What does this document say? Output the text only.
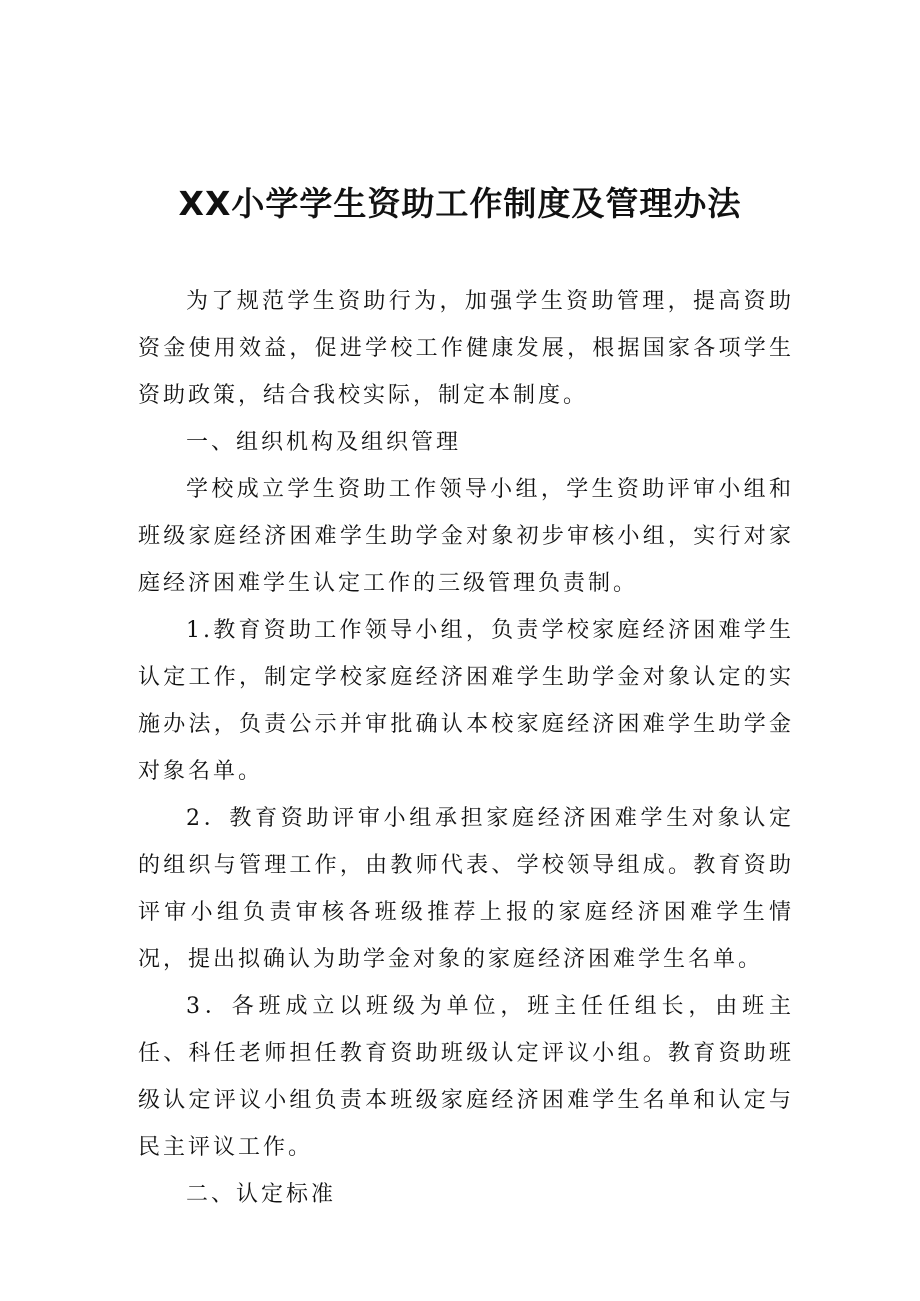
XX小学学生资助工作制度及管理办法

为了规范学生资助行为，加强学生资助管理，提高资助资金使用效益，促进学校工作健康发展，根据国家各项学生资助政策，结合我校实际，制定本制度。

一、组织机构及组织管理

学校成立学生资助工作领导小组，学生资助评审小组和班级家庭经济困难学生助学金对象初步审核小组，实行对家庭经济困难学生认定工作的三级管理负责制。

1.教育资助工作领导小组，负责学校家庭经济困难学生认定工作，制定学校家庭经济困难学生助学金对象认定的实施办法，负责公示并审批确认本校家庭经济困难学生助学金对象名单。

2．教育资助评审小组承担家庭经济困难学生对象认定的组织与管理工作，由教师代表、学校领导组成。教育资助评审小组负责审核各班级推荐上报的家庭经济困难学生情况，提出拟确认为助学金对象的家庭经济困难学生名单。

3．各班成立以班级为单位，班主任任组长，由班主任、科任老师担任教育资助班级认定评议小组。教育资助班级认定评议小组负责本班级家庭经济困难学生名单和认定与民主评议工作。

二、认定标准
